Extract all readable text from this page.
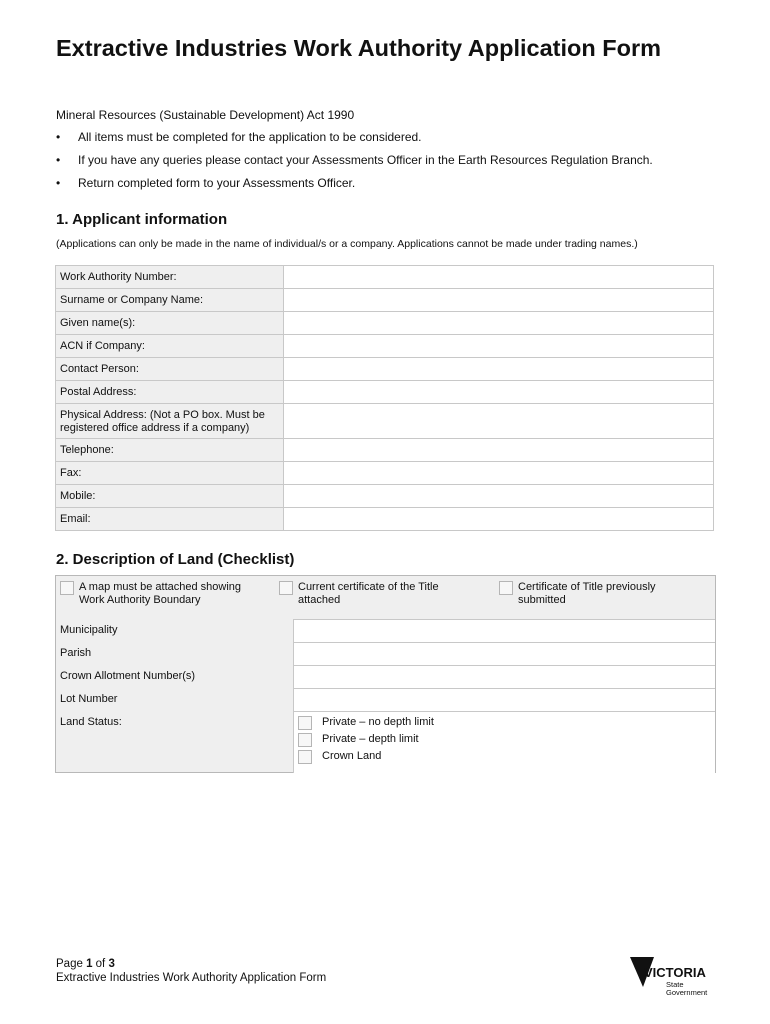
Extractive Industries Work Authority Application Form
Mineral Resources (Sustainable Development) Act 1990
• All items must be completed for the application to be considered.
• If you have any queries please contact your Assessments Officer in the Earth Resources Regulation Branch.
• Return completed form to your Assessments Officer.
1. Applicant information
(Applications can only be made in the name of individual/s or a company. Applications cannot be made under trading names.)
Work Authority Number:	
Surname or Company Name:	
Given name(s):	
ACN if Company:	
Contact Person:	
Postal Address:	
Physical Address: (Not a PO box. Must be registered office address if a company)	
Telephone:	
Fax:	
Mobile:	
Email:	
2. Description of Land (Checklist)
A map must be attached showing Work Authority Boundary
Current certificate of the Title attached
Certificate of Title previously submitted
Municipality
Parish
Crown Allotment Number(s)
Lot Number
Land Status:	Private – no depth limit
Private – depth limit
Crown Land
Page 1 of 3
Extractive Industries Work Authority Application Form	VICTORIA
State
Government
